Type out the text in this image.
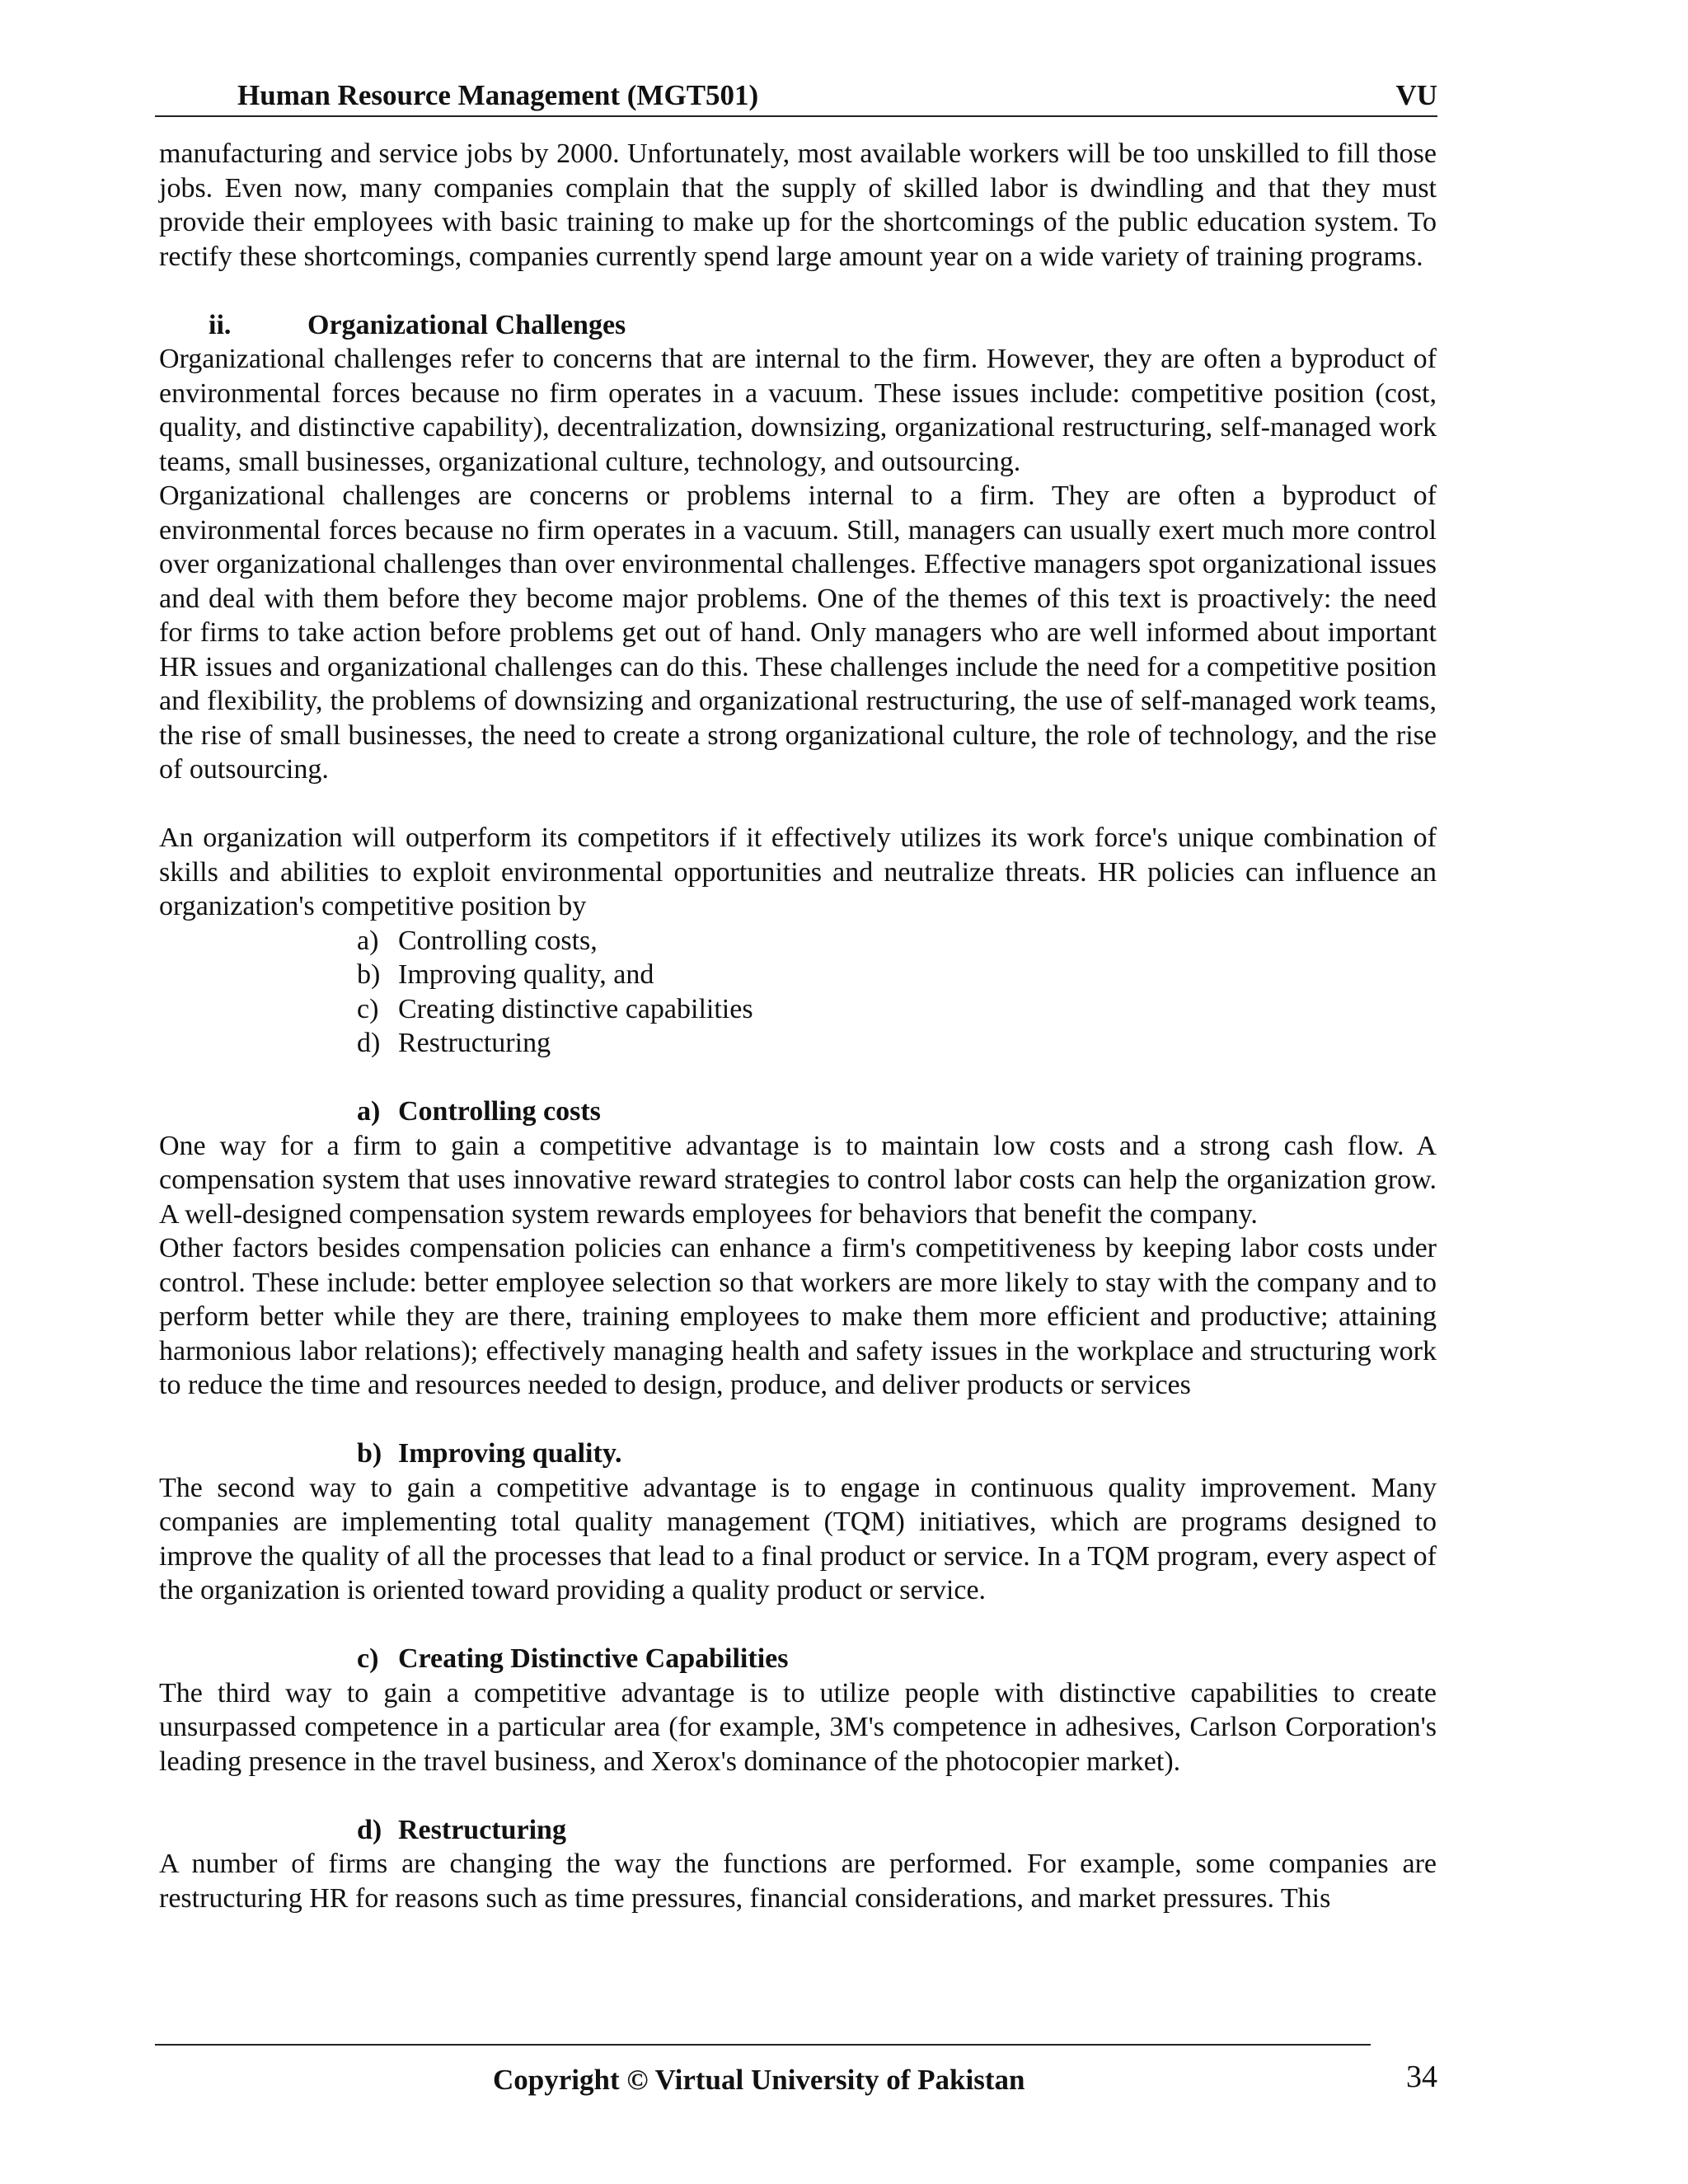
Human Resource Management (MGT501)	VU

manufacturing and service jobs by 2000. Unfortunately, most available workers will be too unskilled to fill those jobs. Even now, many companies complain that the supply of skilled labor is dwindling and that they must provide their employees with basic training to make up for the shortcomings of the public education system. To rectify these shortcomings, companies currently spend large amount year on a wide variety of training programs.

ii.	Organizational Challenges

Organizational challenges refer to concerns that are internal to the firm. However, they are often a byproduct of environmental forces because no firm operates in a vacuum. These issues include: competitive position (cost, quality, and distinctive capability), decentralization, downsizing, organizational restructuring, self-managed work teams, small businesses, organizational culture, technology, and outsourcing.

Organizational challenges are concerns or problems internal to a firm. They are often a byproduct of environmental forces because no firm operates in a vacuum. Still, managers can usually exert much more control over organizational challenges than over environmental challenges. Effective managers spot organizational issues and deal with them before they become major problems. One of the themes of this text is proactively: the need for firms to take action before problems get out of hand. Only managers who are well informed about important HR issues and organizational challenges can do this. These challenges include the need for a competitive position and flexibility, the problems of downsizing and organizational restructuring, the use of self-managed work teams, the rise of small businesses, the need to create a strong organizational culture, the role of technology, and the rise of outsourcing.

An organization will outperform its competitors if it effectively utilizes its work force's unique combination of skills and abilities to exploit environmental opportunities and neutralize threats. HR policies can influence an organization's competitive position by

a) Controlling costs,
b) Improving quality, and
c) Creating distinctive capabilities
d) Restructuring

a) Controlling costs

One way for a firm to gain a competitive advantage is to maintain low costs and a strong cash flow. A compensation system that uses innovative reward strategies to control labor costs can help the organization grow. A well-designed compensation system rewards employees for behaviors that benefit the company.

Other factors besides compensation policies can enhance a firm's competitiveness by keeping labor costs under control. These include: better employee selection so that workers are more likely to stay with the company and to perform better while they are there, training employees to make them more efficient and productive; attaining harmonious labor relations); effectively managing health and safety issues in the workplace and structuring work to reduce the time and resources needed to design, produce, and deliver products or services

b) Improving quality.

The second way to gain a competitive advantage is to engage in continuous quality improvement. Many companies are implementing total quality management (TQM) initiatives, which are programs designed to improve the quality of all the processes that lead to a final product or service. In a TQM program, every aspect of the organization is oriented toward providing a quality product or service.

c) Creating Distinctive Capabilities

The third way to gain a competitive advantage is to utilize people with distinctive capabilities to create unsurpassed competence in a particular area (for example, 3M's competence in adhesives, Carlson Corporation's leading presence in the travel business, and Xerox's dominance of the photocopier market).

d) Restructuring

A number of firms are changing the way the functions are performed. For example, some companies are restructuring HR for reasons such as time pressures, financial considerations, and market pressures. This

Copyright © Virtual University of Pakistan	34
